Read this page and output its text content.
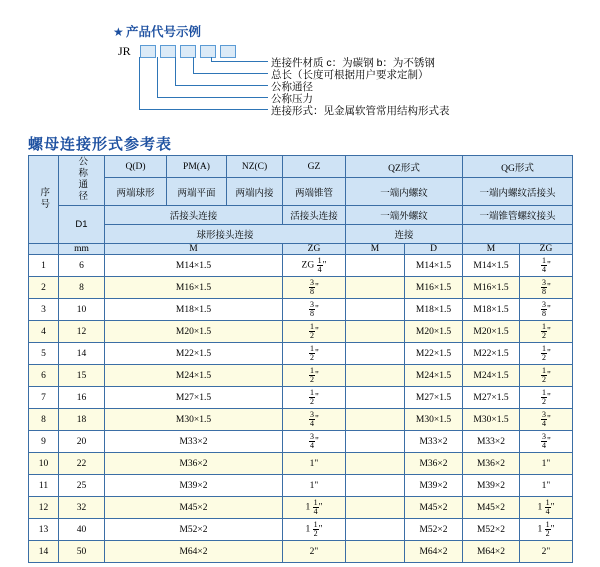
★ 产品代号示例
JR
连接件材质 c：为碳钢 b：为不锈钢
总长（长度可根据用户要求定制）
公称通径
公称压力
连接形式：见金属软管常用结构形式表
螺母连接形式参考表
序号	公称通径	Q(D)	PM(A)	NZ(C)	GZ	QZ形式		QG形式	
		两端球形	两端平面	两端内接	两端锥管	一端内螺纹		一端内螺纹活接头	
	D1	活接头连接			活接头连接	一端外螺纹		一端锥管螺纹接头	
		球形接头连接				连接			
	mm	M			ZG	M	D	M	ZG
1	6	M14×1.5			ZG $\frac{1}{4}$ "		M14×1.5	M14×1.5	$\frac{1}{4}$ "
2	8	M16×1.5			$\frac{3}{8}$ "		M16×1.5	M16×1.5	$\frac{3}{8}$ "
3	10	M18×1.5			$\frac{3}{8}$ "		M18×1.5	M18×1.5	$\frac{3}{8}$ "
4	12	M20×1.5			$\frac{1}{2}$ "		M20×1.5	M20×1.5	$\frac{1}{2}$ "
5	14	M22×1.5			$\frac{1}{2}$ "		M22×1.5	M22×1.5	$\frac{1}{2}$ "
6	15	M24×1.5			$\frac{1}{2}$ "		M24×1.5	M24×1.5	$\frac{1}{2}$ "
7	16	M27×1.5			$\frac{1}{2}$ "		M27×1.5	M27×1.5	$\frac{1}{2}$ "
8	18	M30×1.5			$\frac{3}{4}$ "		M30×1.5	M30×1.5	$\frac{3}{4}$ "
9	20	M33×2			$\frac{3}{4}$ "		M33×2	M33×2	$\frac{3}{4}$ "
10	22	M36×2			1"		M36×2	M36×2	1"
11	25	M39×2			1"		M39×2	M39×2	1"
12	32	M45×2			$1 \frac{1}{4}$ "		M45×2	M45×2	$1 \frac{1}{4}$ "
13	40	M52×2			$1 \frac{1}{2}$ "		M52×2	M52×2	$1 \frac{1}{2}$ "
14	50	M64×2			2"		M64×2	M64×2	2"
